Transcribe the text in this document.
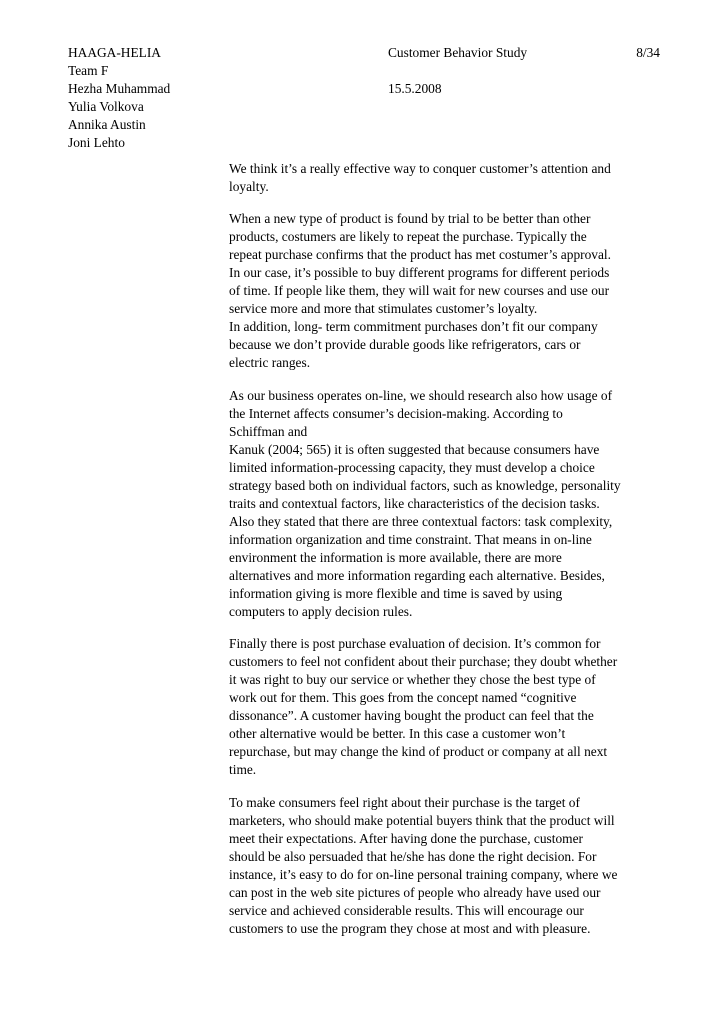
HAAGA-HELIA	Customer Behavior Study	8/34
15.5.2008
Team F
Hezha Muhammad
Yulia Volkova
Annika Austin
Joni Lehto

We think it’s a really effective way to conquer customer’s attention and
loyalty.

When a new type of product is found by trial to be better than other
products, costumers are likely to repeat the purchase. Typically the
repeat purchase confirms that the product has met costumer’s approval.
In our case, it’s possible to buy different programs for different periods
of time. If people like them, they will wait for new courses and use our
service more and more that stimulates customer’s loyalty.

In addition, long- term commitment purchases don’t fit our company
because we don’t provide durable goods like refrigerators, cars or
electric ranges.

As our business operates on-line, we should research also how usage of
the Internet affects consumer’s decision-making. According to
Schiffman and
Kanuk (2004; 565) it is often suggested that because consumers have
limited information-processing capacity, they must develop a choice
strategy based both on individual factors, such as knowledge, personality
traits and contextual factors, like characteristics of the decision tasks.
Also they stated that there are three contextual factors: task complexity,
information organization and time constraint. That means in on-line
environment the information is more available, there are more
alternatives and more information regarding each alternative. Besides,
information giving is more flexible and time is saved by using
computers to apply decision rules.

Finally there is post purchase evaluation of decision. It’s common for
customers to feel not confident about their purchase; they doubt whether
it was right to buy our service or whether they chose the best type of
work out for them. This goes from the concept named “cognitive
dissonance”. A customer having bought the product can feel that the
other alternative would be better. In this case a customer won’t
repurchase, but may change the kind of product or company at all next
time.

To make consumers feel right about their purchase is the target of
marketers, who should make potential buyers think that the product will
meet their expectations. After having done the purchase, customer
should be also persuaded that he/she has done the right decision. For
instance, it’s easy to do for on-line personal training company, where we
can post in the web site pictures of people who already have used our
service and achieved considerable results. This will encourage our
customers to use the program they chose at most and with pleasure.
